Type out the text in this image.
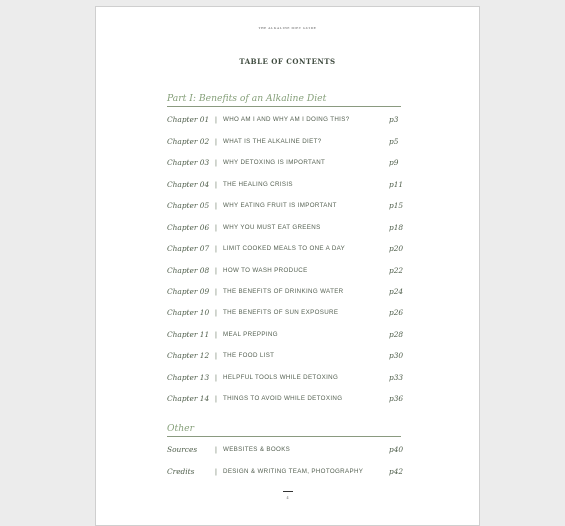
THE ALKALINE DIET GUIDE
TABLE OF CONTENTS
Part I: Benefits of an Alkaline Diet
Chapter 01 | WHO AM I AND WHY AM I DOING THIS?	p3
Chapter 02 | WHAT IS THE ALKALINE DIET?	p5
Chapter 03 | WHY DETOXING IS IMPORTANT	p9
Chapter 04 | THE HEALING CRISIS	p11
Chapter 05 | WHY EATING FRUIT IS IMPORTANT	p15
Chapter 06 | WHY YOU MUST EAT GREENS	p18
Chapter 07 | LIMIT COOKED MEALS TO ONE A DAY	p20
Chapter 08 | HOW TO WASH PRODUCE	p22
Chapter 09 | THE BENEFITS OF DRINKING WATER	p24
Chapter 10 | THE BENEFITS OF SUN EXPOSURE	p26
Chapter 11 | MEAL PREPPING	p28
Chapter 12 | THE FOOD LIST	p30
Chapter 13 | HELPFUL TOOLS WHILE DETOXING	p33
Chapter 14 | THINGS TO AVOID WHILE DETOXING	p36
Other
Sources | WEBSITES & BOOKS	p40
Credits	| DESIGN & WRITING TEAM, PHOTOGRAPHY	p42
4
